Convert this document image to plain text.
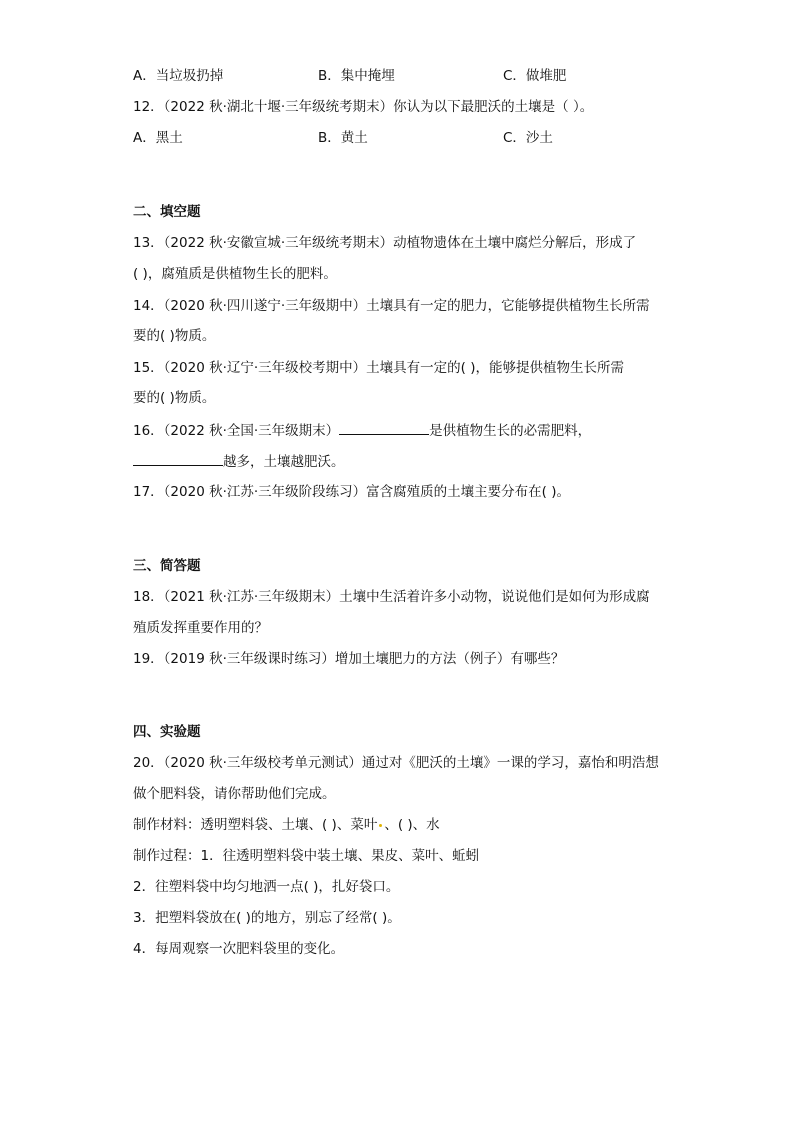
A．当垃圾扔掉	B．集中掩埋	C．做堆肥
12．（2022 秋·湖北十堰·三年级统考期末）你认为以下最肥沃的土壤是（ ）。
A．黑土	B．黄土	C．沙土
二、填空题
13．（2022 秋·安徽宣城·三年级统考期末）动植物遗体在土壤中腐烂分解后，形成了
( )，腐殖质是供植物生长的肥料。
14．（2020 秋·四川遂宁·三年级期中）土壤具有一定的肥力，它能够提供植物生长所需
要的( )物质。
15．（2020 秋·辽宁·三年级校考期中）土壤具有一定的( )，能够提供植物生长所需
要的( )物质。
16．（2022 秋·全国·三年级期末）	是供植物生长的必需肥料，
越多，土壤越肥沃。
17．（2020 秋·江苏·三年级阶段练习）富含腐殖质的土壤主要分布在( )。
三、简答题
18．（2021 秋·江苏·三年级期末）土壤中生活着许多小动物，说说他们是如何为形成腐
殖质发挥重要作用的？
19．（2019 秋·三年级课时练习）增加土壤肥力的方法（例子）有哪些？
四、实验题
20．（2020 秋·三年级校考单元测试）通过对《肥沃的土壤》一课的学习，嘉怡和明浩想
做个肥料袋，请你帮助他们完成。
制作材料：透明塑料袋、土壤、( )、菜叶 、( )、水
制作过程：1．往透明塑料袋中装土壤、果皮、菜叶、蚯蚓
2．往塑料袋中均匀地洒一点( )，扎好袋口。
3．把塑料袋放在( )的地方，别忘了经常( )。
4．每周观察一次肥料袋里的变化。
